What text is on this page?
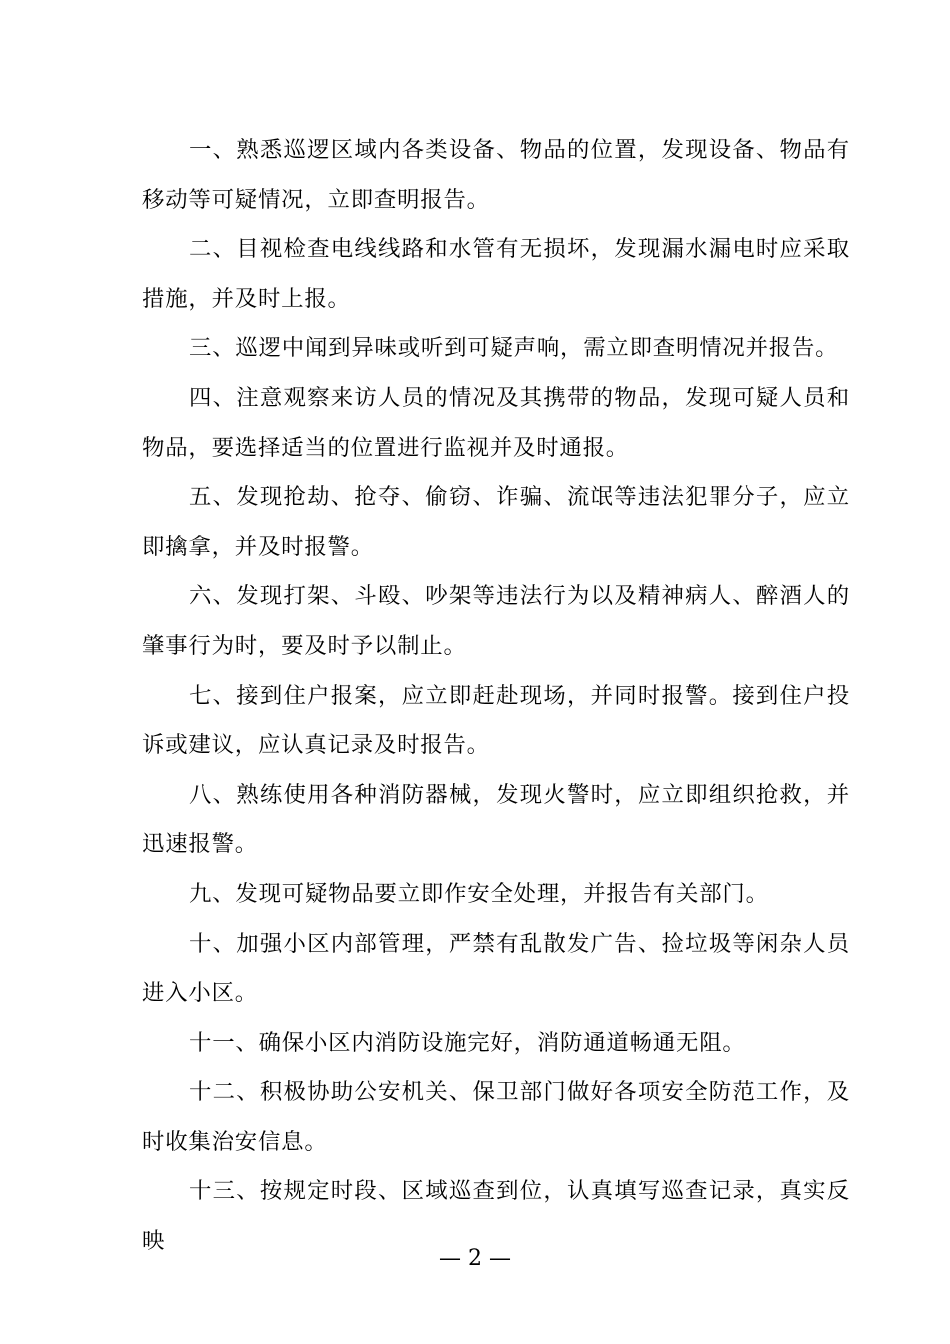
一、熟悉巡逻区域内各类设备、物品的位置，发现设备、物品有移动等可疑情况，立即查明报告。

二、目视检查电线线路和水管有无损坏，发现漏水漏电时应采取措施，并及时上报。

三、巡逻中闻到异味或听到可疑声响，需立即查明情况并报告。

四、注意观察来访人员的情况及其携带的物品，发现可疑人员和物品，要选择适当的位置进行监视并及时通报。

五、发现抢劫、抢夺、偷窃、诈骗、流氓等违法犯罪分子，应立即擒拿，并及时报警。

六、发现打架、斗殴、吵架等违法行为以及精神病人、醉酒人的肇事行为时，要及时予以制止。

七、接到住户报案，应立即赶赴现场，并同时报警。接到住户投诉或建议，应认真记录及时报告。

八、熟练使用各种消防器械，发现火警时，应立即组织抢救，并迅速报警。

九、发现可疑物品要立即作安全处理，并报告有关部门。

十、加强小区内部管理，严禁有乱散发广告、捡垃圾等闲杂人员进入小区。

十一、确保小区内消防设施完好，消防通道畅通无阻。

十二、积极协助公安机关、保卫部门做好各项安全防范工作，及时收集治安信息。

十三、按规定时段、区域巡查到位，认真填写巡查记录，真实反映

— 2 —
